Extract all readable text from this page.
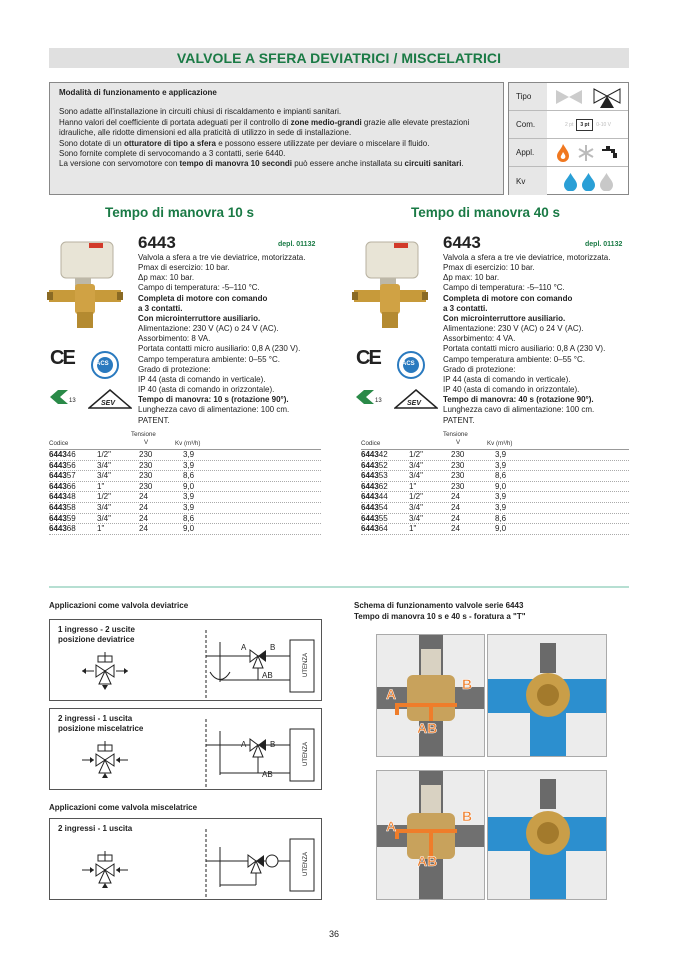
VALVOLE A SFERA DEVIATRICI / MISCELATRICI
Modalità di funzionamento e applicazione
Sono adatte all'installazione in circuiti chiusi di riscaldamento e impianti sanitari.
Hanno valori del coefficiente di portata adeguati per il controllo di zone medio-grandi grazie alle elevate prestazioni idrauliche, alle ridotte dimensioni ed alla praticità di utilizzo in sede di installazione.
Sono dotate di un otturatore di tipo a sfera e possono essere utilizzate per deviare o miscelare il fluido.
Sono fornite complete di servocomando a 3 contatti, serie 6440.
La versione con servomotore con tempo di manovra 10 secondi può essere anche installata su circuiti sanitari.
Tipo
Com.	2 pt	3 pt	0-10 V
Appl.
Kv
Tempo di manovra 10 s
6443	depl. 01132
Valvola a sfera a tre vie deviatrice, motorizzata.
Pmax di esercizio: 10 bar.
Δp max: 10 bar.
Campo di temperatura: -5–110 °C.
Completa di motore con comando
a 3 contatti.
Con microinterruttore ausiliario.
Alimentazione: 230 V (AC) o 24 V (AC).
Assorbimento: 8 VA.
Portata contatti micro ausiliario: 0,8 A (230 V).
Campo temperatura ambiente: 0–55 °C.
Grado di protezione:
IP 44 (asta di comando in verticale).
IP 40 (asta di comando in orizzontale).
Tempo di manovra: 10 s (rotazione 90°).
Lunghezza cavo di alimentazione: 100 cm.
PATENT.
CE	ACS
13	SEV
Codice
Tensione
V	Kv (m³/h)
644346	1/2"	230	3,9
644356	3/4"	230	3,9
644357	3/4"	230	8,6
644366	1"	230	9,0
644348	1/2"	24	3,9
644358	3/4"	24	3,9
644359	3/4"	24	8,6
644368	1"	24	9,0
Tempo di manovra 40 s
6443	depl. 01132
Valvola a sfera a tre vie deviatrice, motorizzata.
Pmax di esercizio: 10 bar.
Δp max: 10 bar.
Campo di temperatura: -5–110 °C.
Completa di motore con comando
a 3 contatti.
Con microinterruttore ausiliario.
Alimentazione: 230 V (AC) o 24 V (AC).
Assorbimento: 4 VA.
Portata contatti micro ausiliario: 0,8 A (230 V).
Campo temperatura ambiente: 0–55 °C.
Grado di protezione:
IP 44 (asta di comando in verticale).
IP 40 (asta di comando in orizzontale).
Tempo di manovra: 40 s (rotazione 90°).
Lunghezza cavo di alimentazione: 100 cm.
PATENT.
CE	ACS
13	SEV
Codice
Tensione
V	Kv (m³/h)
644342	1/2"	230	3,9
644352	3/4"	230	3,9
644353	3/4"	230	8,6
644362	1"	230	9,0
644344	1/2"	24	3,9
644354	3/4"	24	3,9
644355	3/4"	24	8,6
644364	1"	24	9,0
Applicazioni come valvola deviatrice
1 ingresso - 2 uscite posizione deviatrice
A	B
AB	UTENZA
2 ingressi - 1 uscita posizione miscelatrice
A	B
AB
UTENZA
Applicazioni come valvola miscelatrice
2 ingressi - 1 uscita
UTENZA
Schema di funzionamento valvole serie 6443
Tempo di manovra 10 s e 40 s - foratura a "T"
A
B
AB
A
B
AB
36
